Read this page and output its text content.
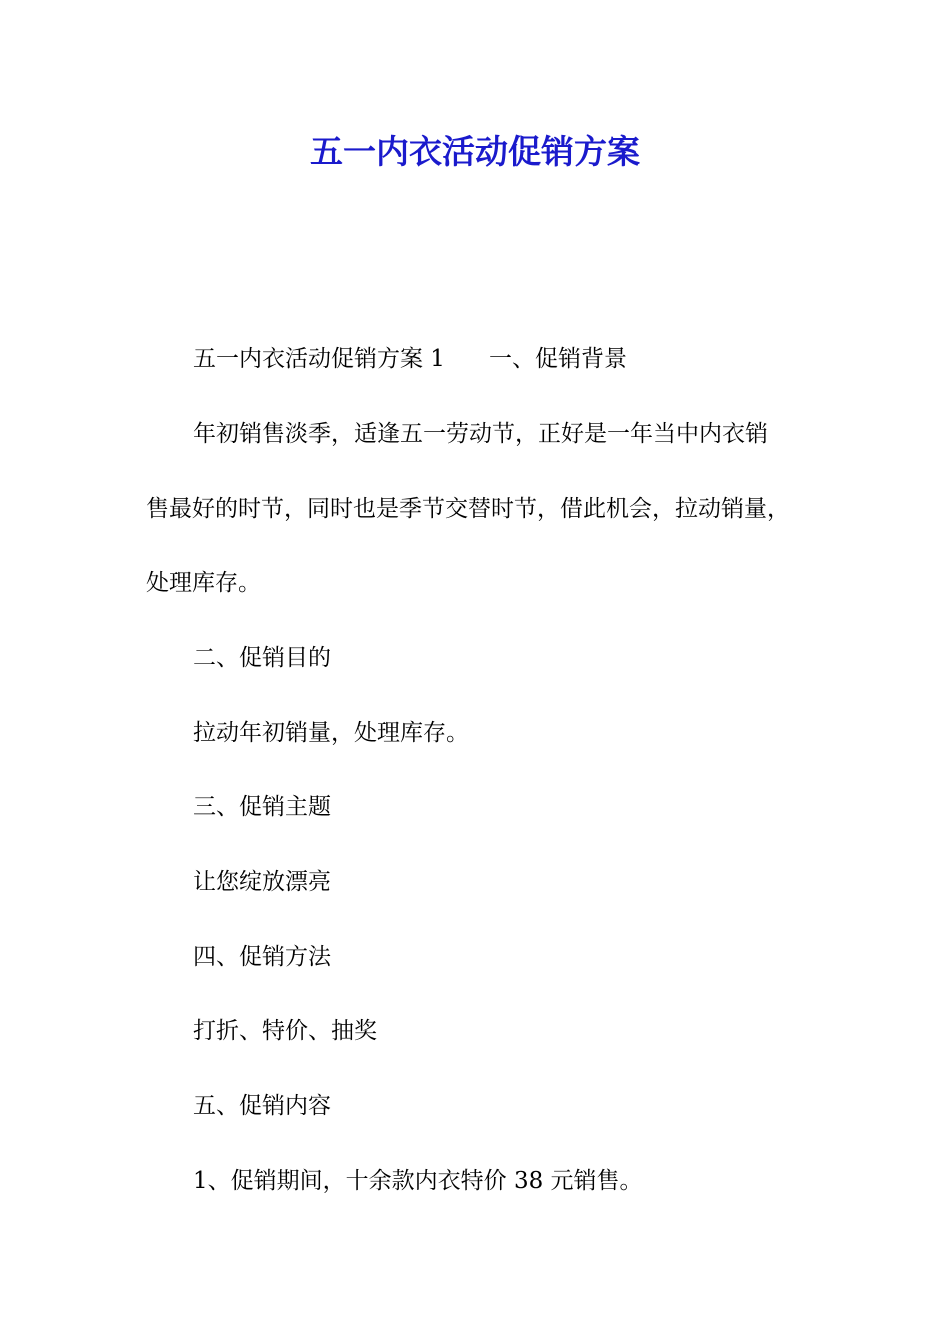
五一内衣活动促销方案

五一内衣活动促销方案 1 一、促销背景

年初销售淡季，适逢五一劳动节，正好是一年当中内衣销

售最好的时节，同时也是季节交替时节，借此机会，拉动销量，

处理库存。

二、促销目的

拉动年初销量，处理库存。

三、促销主题

让您绽放漂亮

四、促销方法

打折、特价、抽奖

五、促销内容

1、促销期间，十余款内衣特价 38 元销售。
